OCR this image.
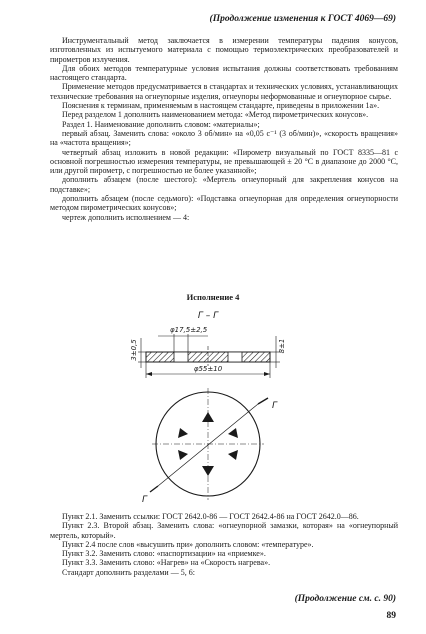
(Продолжение изменения к ГОСТ 4069—69)

Инструментальный метод заключается в измерении температуры падения конусов, изготовленных из испытуемого материала с помощью термоэлектрических преобразователей и пирометров излучения.

Для обоих методов температурные условия испытания должны соответствовать требованиям настоящего стандарта.

Применение методов предусматривается в стандартах и технических условиях, устанавливающих технические требования на огнеупорные изделия, огнеупоры неформованные и огнеупорное сырье.

Пояснения к терминам, применяемым в настоящем стандарте, приведены в приложении 1а».

Перед разделом 1 дополнить наименованием метода: «Метод пирометрических конусов».

Раздел 1. Наименование дополнить словом: «материалы»;

первый абзац. Заменить слова: «около 3 об/мин» на «0,05 с⁻¹ (3 об/мин)», «скорость вращения» на «частота вращения»;

четвертый абзац изложить в новой редакции: «Пирометр визуальный по ГОСТ 8335—81 с основной погрешностью измерения температуры, не превышающей ± 20 °С в диапазоне до 2000 °С, или другой пирометр, с погрешностью не более указанной»;

дополнить абзацем (после шестого): «Мертель огнеупорный для закрепления конусов на подставке»;

дополнить абзацем (после седьмого): «Подставка огнеупорная для определения огнеупорности методом пирометрических конусов»;

чертеж дополнить исполнением — 4:

Исполнение 4
Г – Г
φ17,5±2,5
3±0,5	8±1
φ55±10
Г
Г

Пункт 2.1. Заменить ссылки: ГОСТ 2642.0-86 — ГОСТ 2642.4-86 на ГОСТ 2642.0—86.

Пункт 2.3. Второй абзац. Заменить слова: «огнеупорной замазки, которая» на «огнеупорный мертель, который».

Пункт 2.4 после слов «высушить при» дополнить словом: «температуре».

Пункт 3.2. Заменить слово: «паспортизации» на «приемке».

Пункт 3.3. Заменить слово: «Нагрев» на «Скорость нагрева».

Стандарт дополнить разделами — 5, 6:

(Продолжение см. с. 90)
89
